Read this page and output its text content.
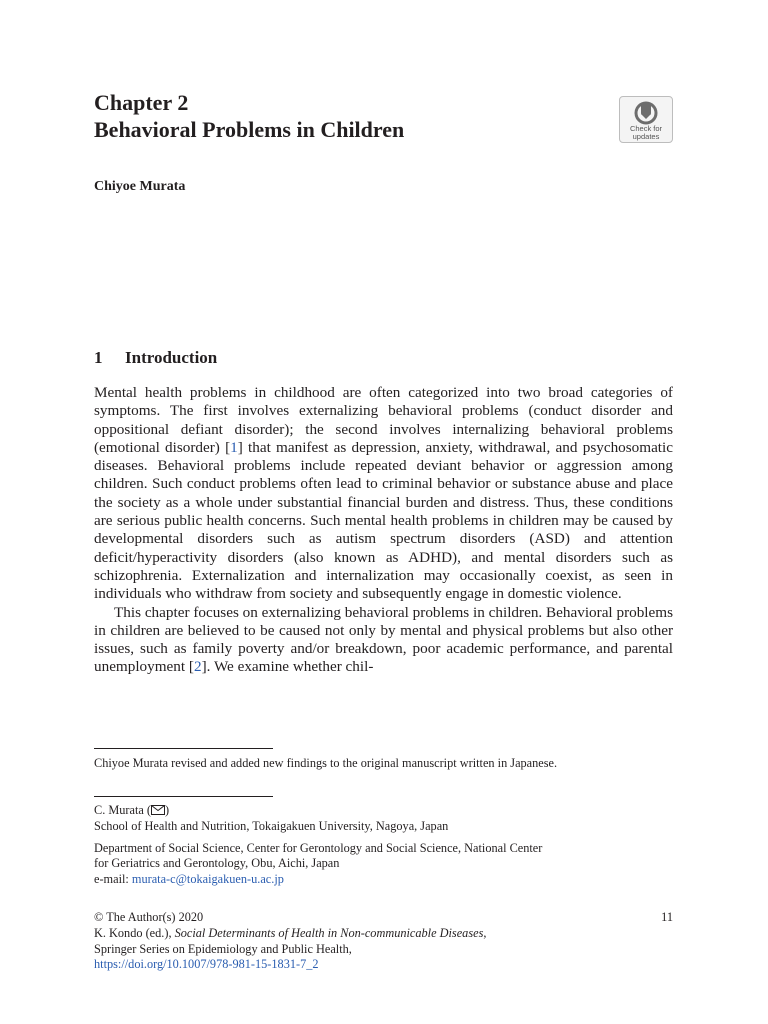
Chapter 2
Behavioral Problems in Children	Check for
updates
Chiyoe Murata
1 Introduction

Mental health problems in childhood are often categorized into two broad categories of symptoms. The first involves externalizing behavioral problems (conduct disorder and oppositional defiant disorder); the second involves internalizing behavioral problems (emotional disorder) [1] that manifest as depression, anxiety, withdrawal, and psychosomatic diseases. Behavioral problems include repeated deviant behavior or aggression among children. Such conduct problems often lead to criminal behavior or substance abuse and place the society as a whole under substantial financial burden and distress. Thus, these conditions are serious public health concerns. Such mental health problems in children may be caused by developmental disorders such as autism spectrum disorders (ASD) and attention deficit/hyperactivity disorders (also known as ADHD), and mental disorders such as schizophrenia. Externalization and internalization may occasionally coexist, as seen in individuals who withdraw from society and subsequently engage in domestic violence.

This chapter focuses on externalizing behavioral problems in children. Behavioral problems in children are believed to be caused not only by mental and physical problems but also other issues, such as family poverty and/or breakdown, poor academic performance, and parental unemployment [2]. We examine whether chil-

Chiyoe Murata revised and added new findings to the original manuscript written in Japanese.
C. Murata ( )
School of Health and Nutrition, Tokaigakuen University, Nagoya, Japan
Department of Social Science, Center for Gerontology and Social Science, National Center
for Geriatrics and Gerontology, Obu, Aichi, Japan
e-mail: murata-c@tokaigakuen-u.ac.jp
© The Author(s) 2020
K. Kondo (ed.), Social Determinants of Health in Non-communicable Diseases,
Springer Series on Epidemiology and Public Health,
https://doi.org/10.1007/978-981-15-1831-7_2
11
